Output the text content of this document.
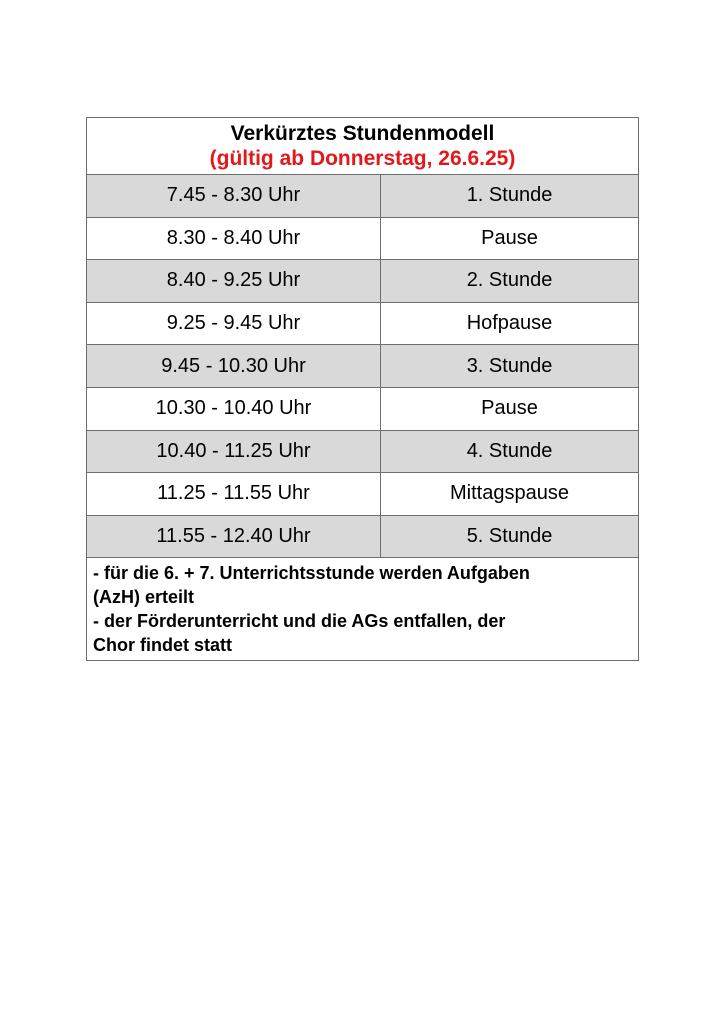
Verkürztes Stundenmodell
(gültig ab Donnerstag, 26.6.25)
7.45 - 8.30 Uhr	1. Stunde
8.30 - 8.40 Uhr	Pause
8.40 - 9.25 Uhr	2. Stunde
9.25 - 9.45 Uhr	Hofpause
9.45 - 10.30 Uhr	3. Stunde
10.30 - 10.40 Uhr	Pause
10.40 - 11.25 Uhr	4. Stunde
11.25 - 11.55 Uhr	Mittagspause
11.55 - 12.40 Uhr	5. Stunde
- für die 6. + 7. Unterrichtsstunde werden Aufgaben
(AzH) erteilt
- der Förderunterricht und die AGs entfallen, der
Chor findet statt
